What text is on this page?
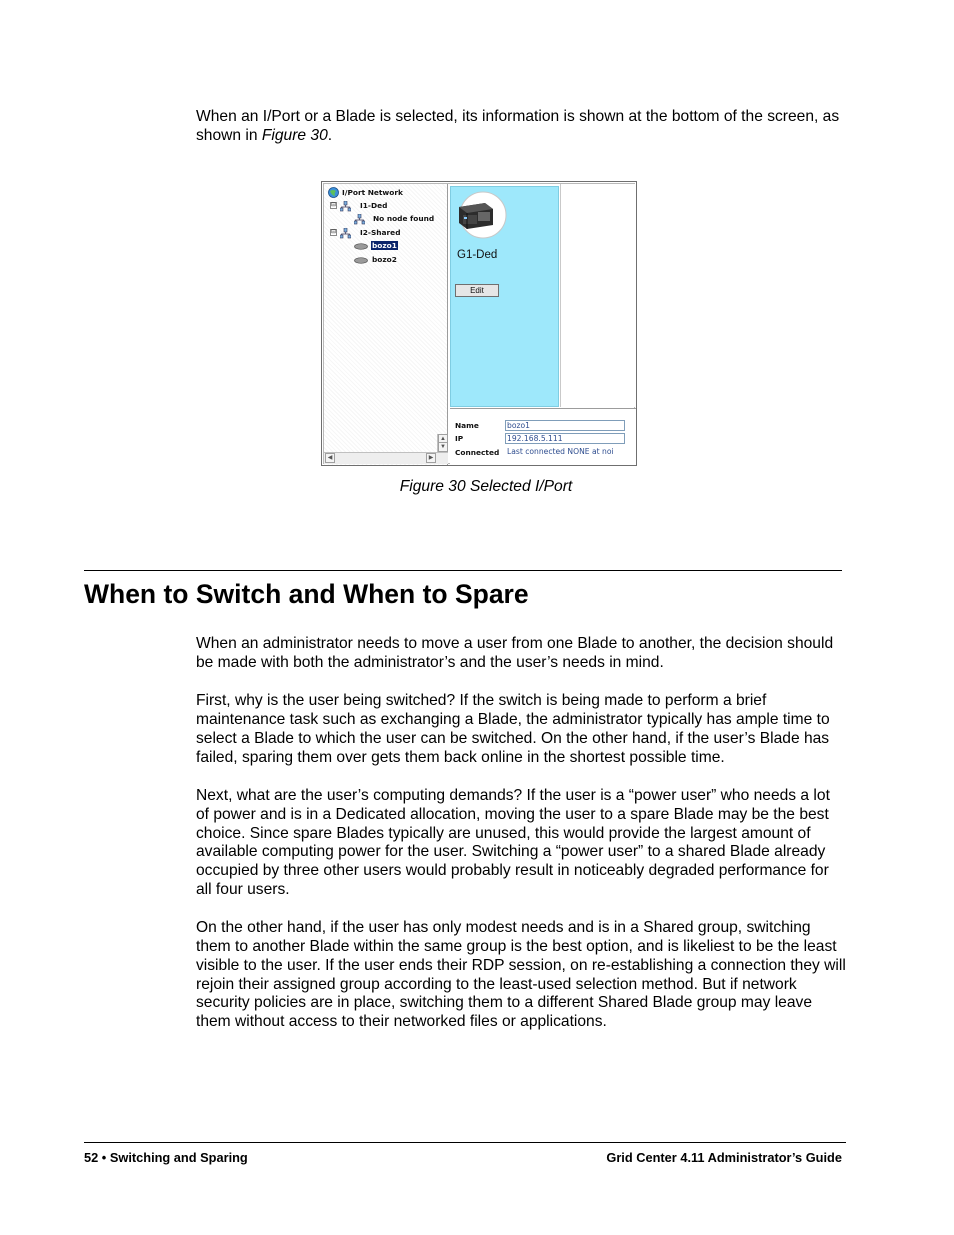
When an I/Port or a Blade is selected, its information is shown at the bottom of the screen, as shown in Figure 30.

I/Port Network
⊟	I1-Ded
No node found
⊟	I2-Shared
bozo1
bozo2
▲
▼
◀	▶
G1-Ded
Edit
Name	bozo1
IP	192.168.5.111
Connected Last connected NONE at noi
Figure 30 Selected I/Port
When to Switch and When to Spare

When an administrator needs to move a user from one Blade to another, the decision should be made with both the administrator’s and the user’s needs in mind.

First, why is the user being switched? If the switch is being made to perform a brief maintenance task such as exchanging a Blade, the administrator typically has ample time to select a Blade to which the user can be switched. On the other hand, if the user’s Blade has failed, sparing them over gets them back online in the shortest possible time.

Next, what are the user’s computing demands? If the user is a “power user” who needs a lot of power and is in a Dedicated allocation, moving the user to a spare Blade may be the best choice. Since spare Blades typically are unused, this would provide the largest amount of available computing power for the user. Switching a “power user” to a shared Blade already occupied by three other users would probably result in noticeably degraded performance for all four users.

On the other hand, if the user has only modest needs and is in a Shared group, switching them to another Blade within the same group is the best option, and is likeliest to be the least visible to the user. If the user ends their RDP session, on re-establishing a connection they will rejoin their assigned group according to the least-used selection method. But if network security policies are in place, switching them to a different Shared Blade group may leave them without access to their networked files or applications.

52 • Switching and Sparing	Grid Center 4.11 Administrator’s Guide
